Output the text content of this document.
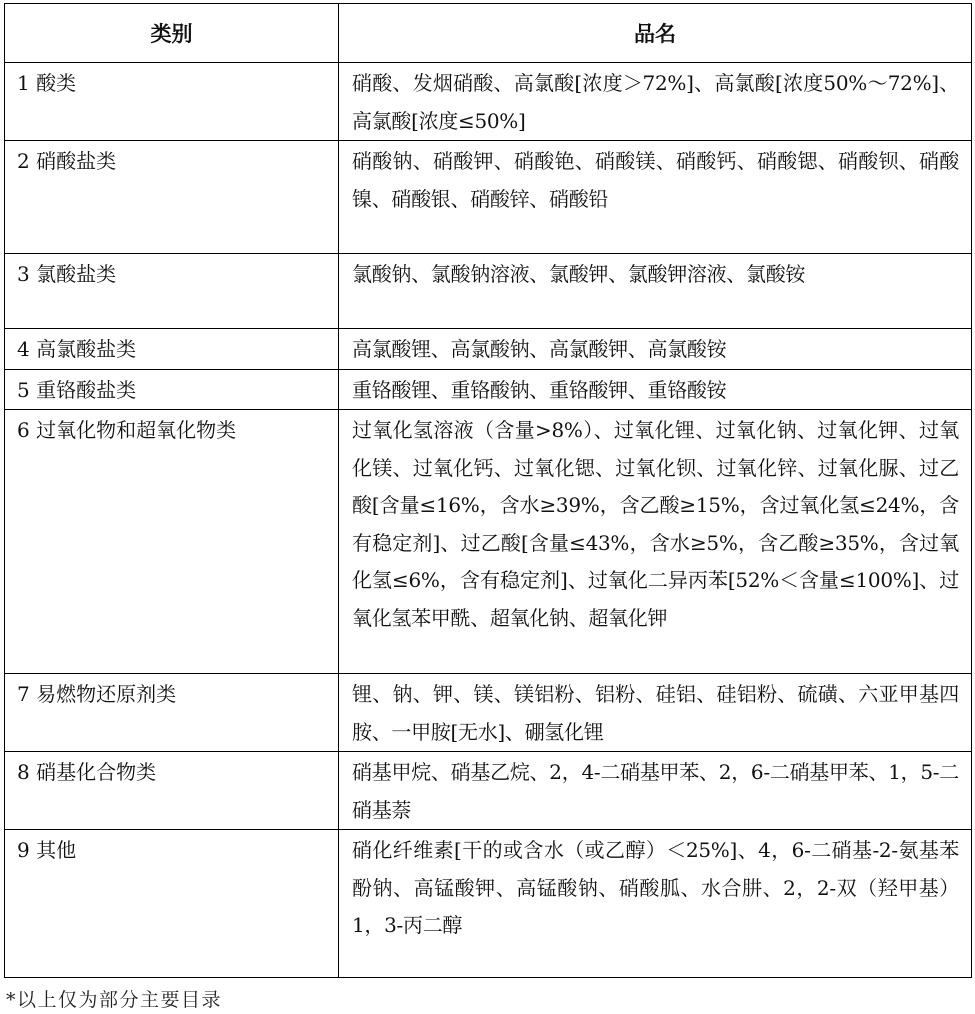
类别	品名
1 酸类	硝酸、发烟硝酸、高氯酸[浓度＞72%]、高氯酸[浓度50%～72%]、高氯酸[浓度≤50%]
2 硝酸盐类	硝酸钠、硝酸钾、硝酸铯、硝酸镁、硝酸钙、硝酸锶、硝酸钡、硝酸镍、硝酸银、硝酸锌、硝酸铅
3 氯酸盐类	氯酸钠、氯酸钠溶液、氯酸钾、氯酸钾溶液、氯酸铵
4 高氯酸盐类	高氯酸锂、高氯酸钠、高氯酸钾、高氯酸铵
5 重铬酸盐类	重铬酸锂、重铬酸钠、重铬酸钾、重铬酸铵
6 过氧化物和超氧化物类	过氧化氢溶液（含量>8%）、过氧化锂、过氧化钠、过氧化钾、过氧化镁、过氧化钙、过氧化锶、过氧化钡、过氧化锌、过氧化脲、过乙酸[含量≤16%，含水≥39%，含乙酸≥15%，含过氧化氢≤24%，含有稳定剂]、过乙酸[含量≤43%，含水≥5%，含乙酸≥35%，含过氧化氢≤6%，含有稳定剂]、过氧化二异丙苯[52%＜含量≤100%]、过氧化氢苯甲酰、超氧化钠、超氧化钾
7 易燃物还原剂类	锂、钠、钾、镁、镁铝粉、铝粉、硅铝、硅铝粉、硫磺、六亚甲基四胺、一甲胺[无水]、硼氢化锂
8 硝基化合物类	硝基甲烷、硝基乙烷、2，4-二硝基甲苯、2，6-二硝基甲苯、1，5-二硝基萘
9 其他	硝化纤维素[干的或含水（或乙醇）＜25%]、4，6-二硝基-2-氨基苯酚钠、高锰酸钾、高锰酸钠、硝酸胍、水合肼、2，2-双（羟甲基）1，3-丙二醇
*以上仅为部分主要目录
